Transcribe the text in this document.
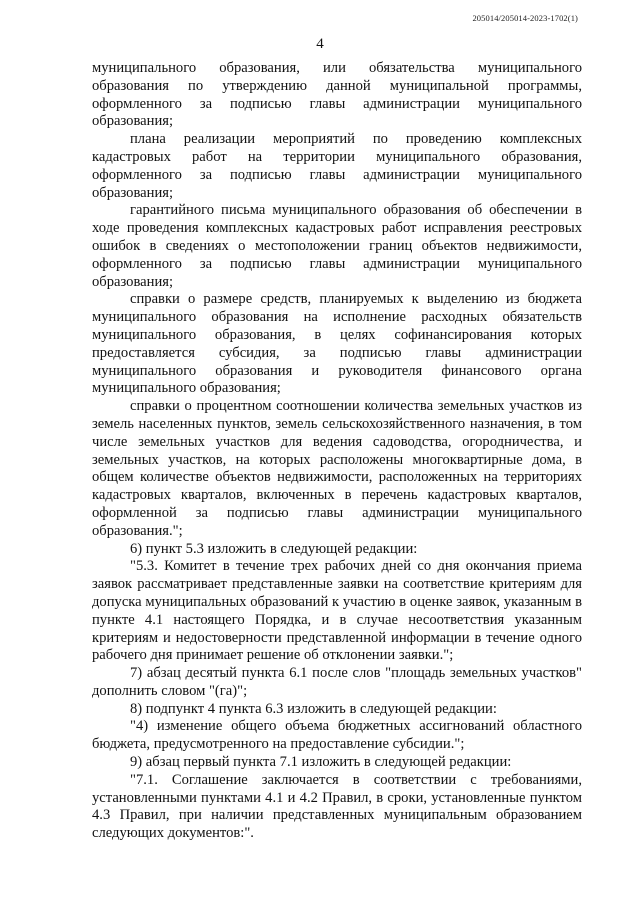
205014/205014-2023-1702(1)
4

муниципального образования, или обязательства муниципального образования по утверждению данной муниципальной программы, оформленного за подписью главы администрации муниципального образования;

плана реализации мероприятий по проведению комплексных кадастровых работ на территории муниципального образования, оформленного за подписью главы администрации муниципального образования;

гарантийного письма муниципального образования об обеспечении в ходе проведения комплексных кадастровых работ исправления реестровых ошибок в сведениях о местоположении границ объектов недвижимости, оформленного за подписью главы администрации муниципального образования;

справки о размере средств, планируемых к выделению из бюджета муниципального образования на исполнение расходных обязательств муниципального образования, в целях софинансирования которых предоставляется субсидия, за подписью главы администрации муниципального образования и руководителя финансового органа муниципального образования;

справки о процентном соотношении количества земельных участков из земель населенных пунктов, земель сельскохозяйственного назначения, в том числе земельных участков для ведения садоводства, огородничества, и земельных участков, на которых расположены многоквартирные дома, в общем количестве объектов недвижимости, расположенных на территориях кадастровых кварталов, включенных в перечень кадастровых кварталов, оформленной за подписью главы администрации муниципального образования.";

6) пункт 5.3 изложить в следующей редакции:

"5.3. Комитет в течение трех рабочих дней со дня окончания приема заявок рассматривает представленные заявки на соответствие критериям для допуска муниципальных образований к участию в оценке заявок, указанным в пункте 4.1 настоящего Порядка, и в случае несоответствия указанным критериям и недостоверности представленной информации в течение одного рабочего дня принимает решение об отклонении заявки.";

7) абзац десятый пункта 6.1 после слов "площадь земельных участков" дополнить словом "(га)";

8) подпункт 4 пункта 6.3 изложить в следующей редакции:

"4) изменение общего объема бюджетных ассигнований областного бюджета, предусмотренного на предоставление субсидии.";

9) абзац первый пункта 7.1 изложить в следующей редакции:

"7.1. Соглашение заключается в соответствии с требованиями, установленными пунктами 4.1 и 4.2 Правил, в сроки, установленные пунктом 4.3 Правил, при наличии представленных муниципальным образованием следующих документов:".
